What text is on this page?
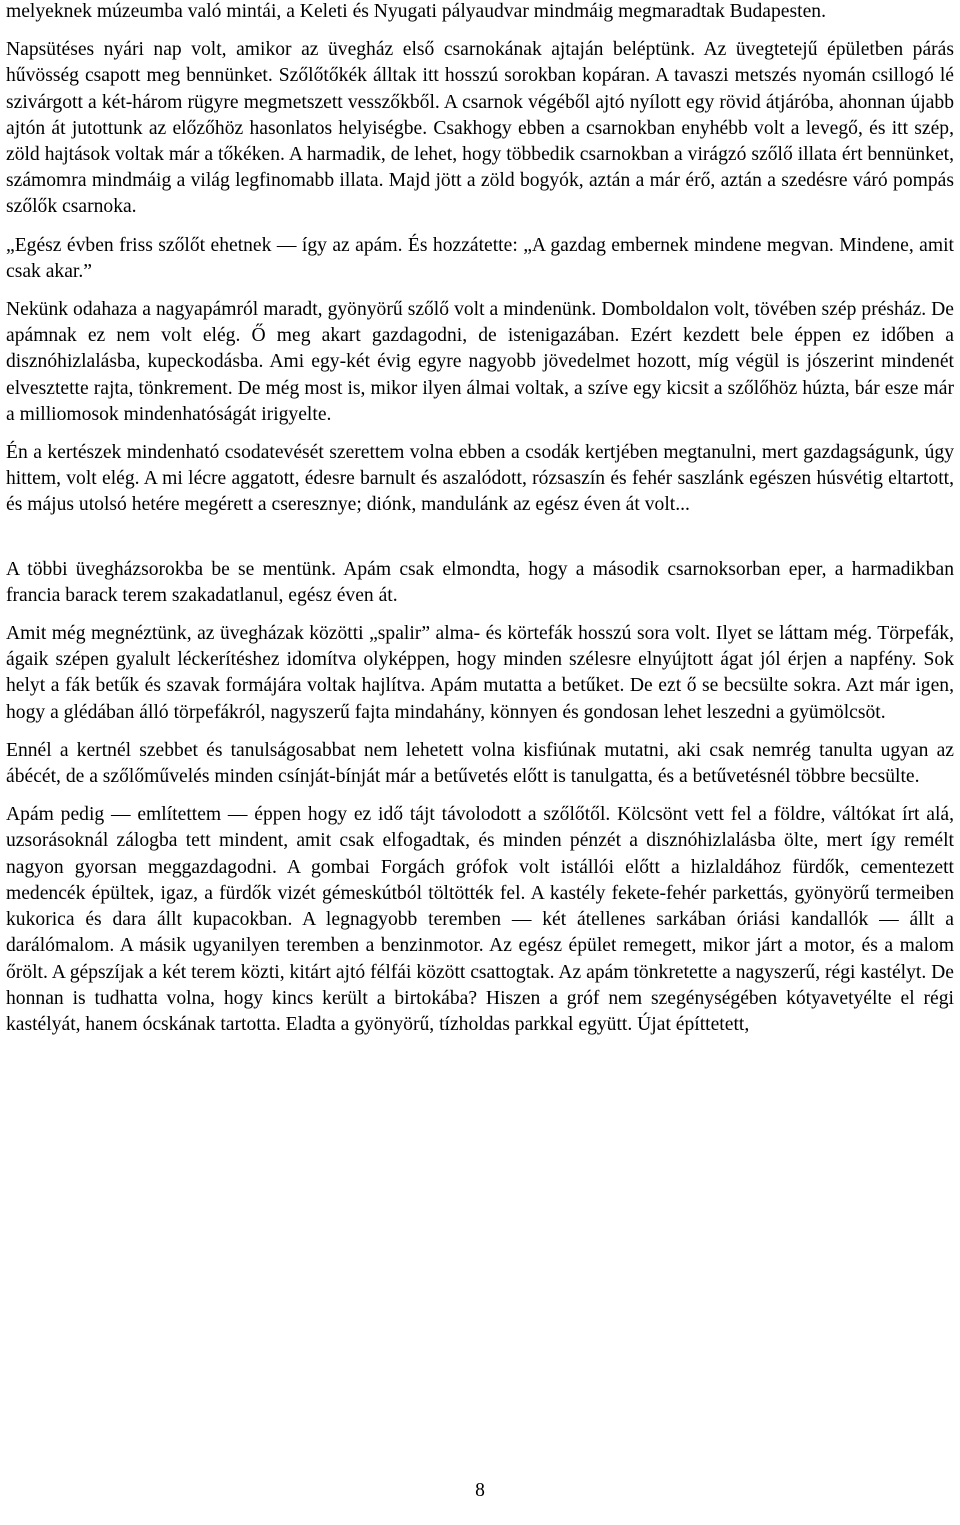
melyeknek múzeumba való mintái, a Keleti és Nyugati pályaudvar mindmáig megmaradtak Budapesten.

Napsütéses nyári nap volt, amikor az üvegház első csarnokának ajtaján beléptünk. Az üvegtetejű épületben párás hűvösség csapott meg bennünket. Szőlőtőkék álltak itt hosszú sorokban kopáran. A tavaszi metszés nyomán csillogó lé szivárgott a két-három rügyre megmetszett vesszőkből. A csarnok végéből ajtó nyílott egy rövid átjáróba, ahonnan újabb ajtón át jutottunk az előzőhöz hasonlatos helyiségbe. Csakhogy ebben a csarnokban enyhébb volt a levegő, és itt szép, zöld hajtások voltak már a tőkéken. A harmadik, de lehet, hogy többedik csarnokban a virágzó szőlő illata ért bennünket, számomra mindmáig a világ legfinomabb illata. Majd jött a zöld bogyók, aztán a már érő, aztán a szedésre váró pompás szőlők csarnoka.

„Egész évben friss szőlőt ehetnek — így az apám. És hozzátette: „A gazdag embernek mindene megvan. Mindene, amit csak akar.”

Nekünk odahaza a nagyapámról maradt, gyönyörű szőlő volt a mindenünk. Domboldalon volt, tövében szép présház. De apámnak ez nem volt elég. Ő meg akart gazdagodni, de istenigazában. Ezért kezdett bele éppen ez időben a disznóhizlalásba, kupeckodásba. Ami egy-két évig egyre nagyobb jövedelmet hozott, míg végül is jószerint mindenét elvesztette rajta, tönkrement. De még most is, mikor ilyen álmai voltak, a szíve egy kicsit a szőlőhöz húzta, bár esze már a milliomosok mindenhatóságát irigyelte.

Én a kertészek mindenható csodatevését szerettem volna ebben a csodák kertjében megtanulni, mert gazdagságunk, úgy hittem, volt elég. A mi lécre aggatott, édesre barnult és aszalódott, rózsaszín és fehér saszlánk egészen húsvétig eltartott, és május utolsó hetére megérett a cseresznye; diónk, mandulánk az egész éven át volt...

A többi üvegházsorokba be se mentünk. Apám csak elmondta, hogy a második csarnoksorban eper, a harmadikban francia barack terem szakadatlanul, egész éven át.

Amit még megnéztünk, az üvegházak közötti „spalir” alma- és körtefák hosszú sora volt. Ilyet se láttam még. Törpefák, ágaik szépen gyalult léckerítéshez idomítva olyképpen, hogy minden szélesre elnyújtott ágat jól érjen a napfény. Sok helyt a fák betűk és szavak formájára voltak hajlítva. Apám mutatta a betűket. De ezt ő se becsülte sokra. Azt már igen, hogy a glédában álló törpefákról, nagyszerű fajta mindahány, könnyen és gondosan lehet leszedni a gyümölcsöt.

Ennél a kertnél szebbet és tanulságosabbat nem lehetett volna kisfiúnak mutatni, aki csak nemrég tanulta ugyan az ábécét, de a szőlőművelés minden csínját-bínját már a betűvetés előtt is tanulgatta, és a betűvetésnél többre becsülte.

Apám pedig — említettem — éppen hogy ez idő tájt távolodott a szőlőtől. Kölcsönt vett fel a földre, váltókat írt alá, uzsorásoknál zálogba tett mindent, amit csak elfogadtak, és minden pénzét a disznóhizlalásba ölte, mert így remélt nagyon gyorsan meggazdagodni. A gombai Forgách grófok volt istállói előtt a hizlaldához fürdők, cementezett medencék épültek, igaz, a fürdők vizét gémeskútból töltötték fel. A kastély fekete-fehér parkettás, gyönyörű termeiben kukorica és dara állt kupacokban. A legnagyobb teremben — két átellenes sarkában óriási kandallók — állt a darálómalom. A másik ugyanilyen teremben a benzinmotor. Az egész épület remegett, mikor járt a motor, és a malom őrölt. A gépszíjak a két terem közti, kitárt ajtó félfái között csattogtak. Az apám tönkretette a nagyszerű, régi kastélyt. De honnan is tudhatta volna, hogy kincs került a birtokába? Hiszen a gróf nem szegénységében kótyavetyélte el régi kastélyát, hanem ócskának tartotta. Eladta a gyönyörű, tízholdas parkkal együtt. Újat építtetett,

8
